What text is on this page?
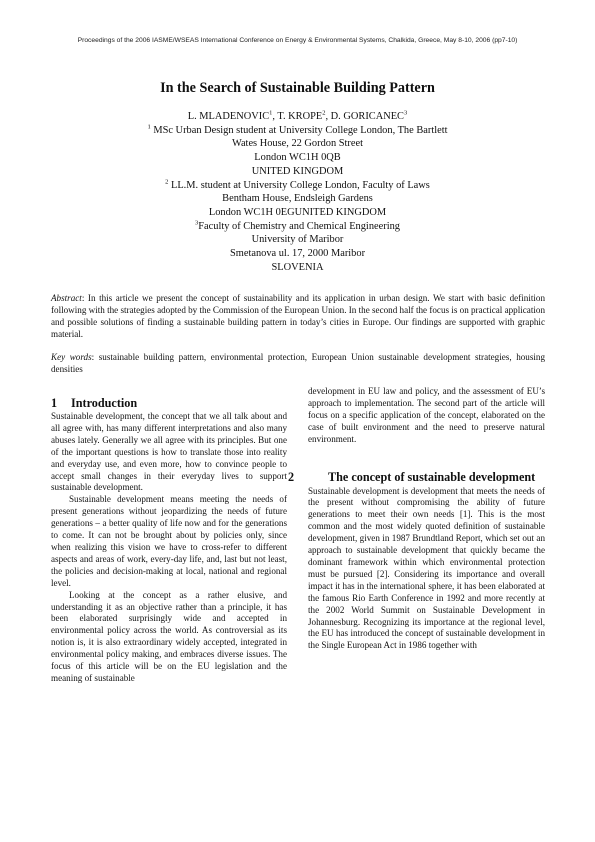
Proceedings of the 2006 IASME/WSEAS International Conference on Energy & Environmental Systems, Chalkida, Greece, May 8-10, 2006 (pp7-10)
In the Search of Sustainable Building Pattern
L. MLADENOVIC$^1$, T. KROPE$^2$, D. GORICANEC$^3$
$^1$ MSc Urban Design student at University College London, The Bartlett
Wates House, 22 Gordon Street
London WC1H 0QB
UNITED KINGDOM
$^2$ LL.M. student at University College London, Faculty of Laws
Bentham House, Endsleigh Gardens
London WC1H 0EGUNITED KINGDOM
$^3$Faculty of Chemistry and Chemical Engineering
University of Maribor
Smetanova ul. 17, 2000 Maribor
SLOVENIA
Abstract: In this article we present the concept of sustainability and its application in urban design. We start with basic definition following with the strategies adopted by the Commission of the European Union. In the second half the focus is on practical application and possible solutions of finding a sustainable building pattern in today’s cities in Europe. Our findings are supported with graphic material.
Key words: sustainable building pattern, environmental protection, European Union sustainable development strategies, housing densities
1 Introduction

Sustainable development, the concept that we all talk about and all agree with, has many different interpretations and also many abuses lately. Generally we all agree with its principles. But one of the important questions is how to translate those into reality and everyday use, and even more, how to convince people to accept small changes in their everyday lives to support sustainable development.

Sustainable development means meeting the needs of present generations without jeopardizing the needs of future generations – a better quality of life now and for the generations to come. It can not be brought about by policies only, since when realizing this vision we have to cross-refer to different aspects and areas of work, every-day life, and, last but not least, the policies and decision-making at local, national and regional level.

Looking at the concept as a rather elusive, and understanding it as an objective rather than a principle, it has been elaborated surprisingly wide and accepted in environmental policy across the world. As controversial as its notion is, it is also extraordinary widely accepted, integrated in environmental policy making, and embraces diverse issues. The focus of this article will be on the EU legislation and the meaning of sustainable

development in EU law and policy, and the assessment of EU’s approach to implementation. The second part of the article will focus on a specific application of the concept, elaborated on the case of built environment and the need to preserve natural environment.

2	The concept of sustainable development

Sustainable development is development that meets the needs of the present without compromising the ability of future generations to meet their own needs [1]. This is the most common and the most widely quoted definition of sustainable development, given in 1987 Brundtland Report, which set out an approach to sustainable development that quickly became the dominant framework within which environmental protection must be pursued [2]. Considering its importance and overall impact it has in the international sphere, it has been elaborated at the famous Rio Earth Conference in 1992 and more recently at the 2002 World Summit on Sustainable Development in Johannesburg. Recognizing its importance at the regional level, the EU has introduced the concept of sustainable development in the Single European Act in 1986 together with
